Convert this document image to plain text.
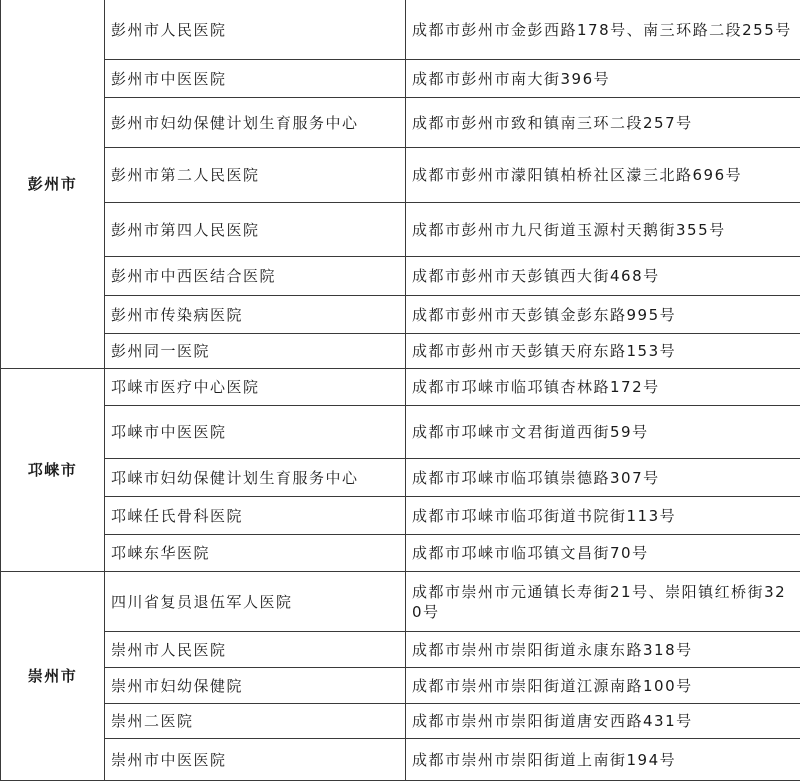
彭州市	彭州市人民医院	成都市彭州市金彭西路178号、南三环路二段255号
	彭州市中医医院	成都市彭州市南大街396号
	彭州市妇幼保健计划生育服务中心	成都市彭州市致和镇南三环二段257号
	彭州市第二人民医院	成都市彭州市濛阳镇柏桥社区濛三北路696号
	彭州市第四人民医院	成都市彭州市九尺街道玉源村天鹅街355号
	彭州市中西医结合医院	成都市彭州市天彭镇西大街468号
	彭州市传染病医院	成都市彭州市天彭镇金彭东路995号
	彭州同一医院	成都市彭州市天彭镇天府东路153号
邛崃市	邛崃市医疗中心医院	成都市邛崃市临邛镇杏林路172号
	邛崃市中医医院	成都市邛崃市文君街道西街59号
	邛崃市妇幼保健计划生育服务中心	成都市邛崃市临邛镇崇德路307号
	邛崃任氏骨科医院	成都市邛崃市临邛街道书院街113号
	邛崃东华医院	成都市邛崃市临邛镇文昌街70号
崇州市	四川省复员退伍军人医院	成都市崇州市元通镇长寿街21号、崇阳镇红桥街320号
	崇州市人民医院	成都市崇州市崇阳街道永康东路318号
	崇州市妇幼保健院	成都市崇州市崇阳街道江源南路100号
	崇州二医院	成都市崇州市崇阳街道唐安西路431号
	崇州市中医医院	成都市崇州市崇阳街道上南街194号
